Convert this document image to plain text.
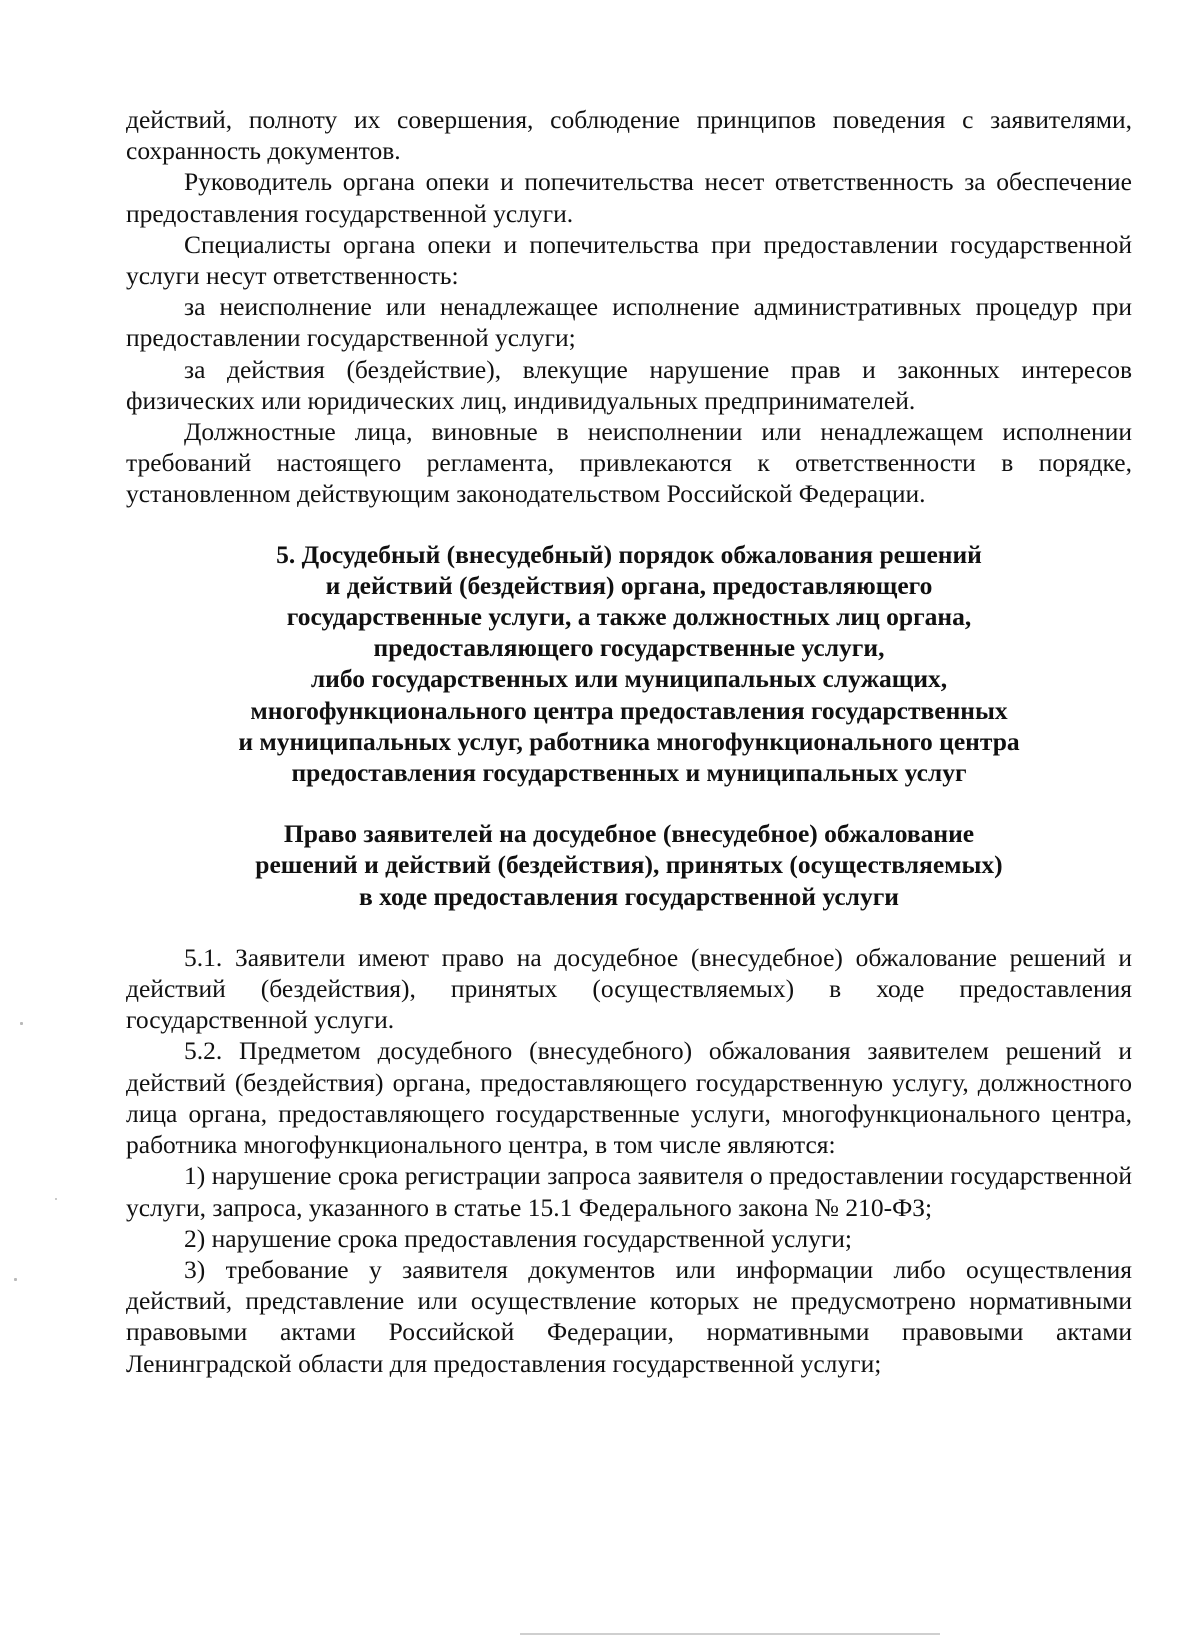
действий, полноту их совершения, соблюдение принципов поведения с заявителями, сохранность документов.

Руководитель органа опеки и попечительства несет ответственность за обеспечение предоставления государственной услуги.

Специалисты органа опеки и попечительства при предоставлении государственной услуги несут ответственность:

за неисполнение или ненадлежащее исполнение административных процедур при предоставлении государственной услуги;

за действия (бездействие), влекущие нарушение прав и законных интересов физических или юридических лиц, индивидуальных предпринимателей.

Должностные лица, виновные в неисполнении или ненадлежащем исполнении требований настоящего регламента, привлекаются к ответственности в порядке, установленном действующим законодательством Российской Федерации.

5. Досудебный (внесудебный) порядок обжалования решений
и действий (бездействия) органа, предоставляющего
государственные услуги, а также должностных лиц органа,
предоставляющего государственные услуги,
либо государственных или муниципальных служащих,
многофункционального центра предоставления государственных
и муниципальных услуг, работника многофункционального центра
предоставления государственных и муниципальных услуг
Право заявителей на досудебное (внесудебное) обжалование
решений и действий (бездействия), принятых (осуществляемых)
в ходе предоставления государственной услуги

5.1. Заявители имеют право на досудебное (внесудебное) обжалование решений и действий (бездействия), принятых (осуществляемых) в ходе предоставления государственной услуги.

5.2. Предметом досудебного (внесудебного) обжалования заявителем решений и действий (бездействия) органа, предоставляющего государственную услугу, должностного лица органа, предоставляющего государственные услуги, многофункционального центра, работника многофункционального центра, в том числе являются:

1) нарушение срока регистрации запроса заявителя о предоставлении государственной услуги, запроса, указанного в статье 15.1 Федерального закона № 210-ФЗ;

2) нарушение срока предоставления государственной услуги;

3) требование у заявителя документов или информации либо осуществления действий, представление или осуществление которых не предусмотрено нормативными правовыми актами Российской Федерации, нормативными правовыми актами Ленинградской области для предоставления государственной услуги;
